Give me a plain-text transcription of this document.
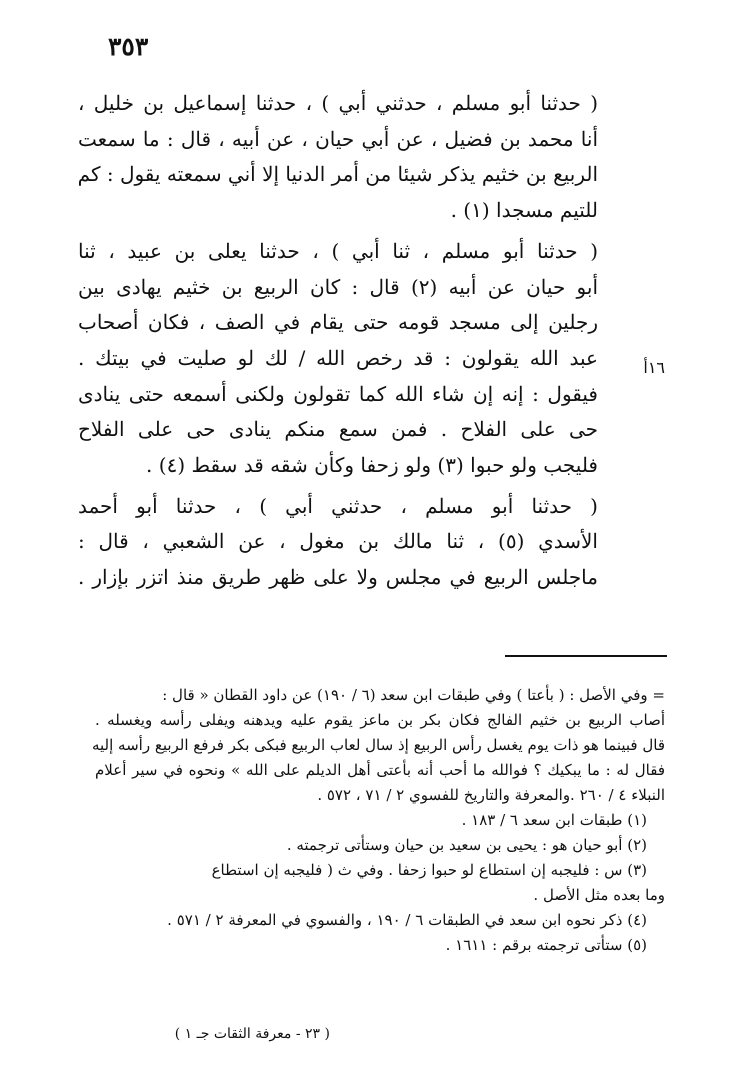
٣٥٣

( حدثنا أبو مسلم ، حدثني أبي ) ، حدثنا إسماعيل بن خليل ،
أنا محمد بن فضيل ، عن أبي حيان ، عن أبيه ، قال : ما سمعت
الربيع بن خثيم يذكر شيئا من أمر الدنيا إلا أني سمعته يقول : كم
للتيم مسجدا (١) .

( حدثنا أبو مسلم ، ثنا أبي ) ، حدثنا يعلى بن عبيد ، ثنا
أبو حيان عن أبيه (٢) قال : كان الربيع بن خثيم يهادى بين
رجلين إلى مسجد قومه حتى يقام في الصف ، فكان أصحاب
عبد الله يقولون : قد رخص الله / لك لو صليت في بيتك .
فيقول : إنه إن شاء الله كما تقولون ولكنى أسمعه حتى ينادى
حى على الفلاح . فمن سمع منكم ينادى حى على الفلاح
فليجب ولو حبوا (٣) ولو زحفا وكأن شقه قد سقط (٤) .

( حدثنا أبو مسلم ، حدثني أبي ) ، حدثنا أبو أحمد
الأسدي (٥) ، ثنا مالك بن مغول ، عن الشعبي ، قال :
ماجلس الربيع في مجلس ولا على ظهر طريق منذ اتزر بإزار .

١٦أ
= وفي الأصل : ( بأعتا ) وفي طبقات ابن سعد (٦ / ١٩٠) عن داود القطان « قال :
أصاب الربيع بن خثيم الفالج فكان بكر بن ماعز يقوم عليه ويدهنه ويفلى رأسه ويغسله .
قال فبينما هو ذات يوم يغسل رأس الربيع إذ سال لعاب الربيع فبكى بكر فرفع الربيع رأسه إليه
فقال له : ما يبكيك ؟ فوالله ما أحب أنه بأعتى أهل الديلم على الله » ونحوه في سير أعلام
النبلاء ٤ / ٢٦٠ .والمعرفة والتاريخ للفسوي ٢ / ٧١ ، ٥٧٢ .
(١) طبقات ابن سعد ٦ / ١٨٣ .
(٢) أبو حيان هو : يحيى بن سعيد بن حيان وستأتى ترجمته .
(٣) س : فليجبه إن استطاع لو حبوا زحفا . وفي ث ( فليجبه إن استطاع
وما بعده مثل الأصل .
(٤) ذكر نحوه ابن سعد في الطبقات ٦ / ١٩٠ ، والفسوي في المعرفة ٢ / ٥٧١ .
(٥) ستأتى ترجمته برقم : ١٦١١ .
( ٢٣ - معرفة الثقات جـ ١ )
